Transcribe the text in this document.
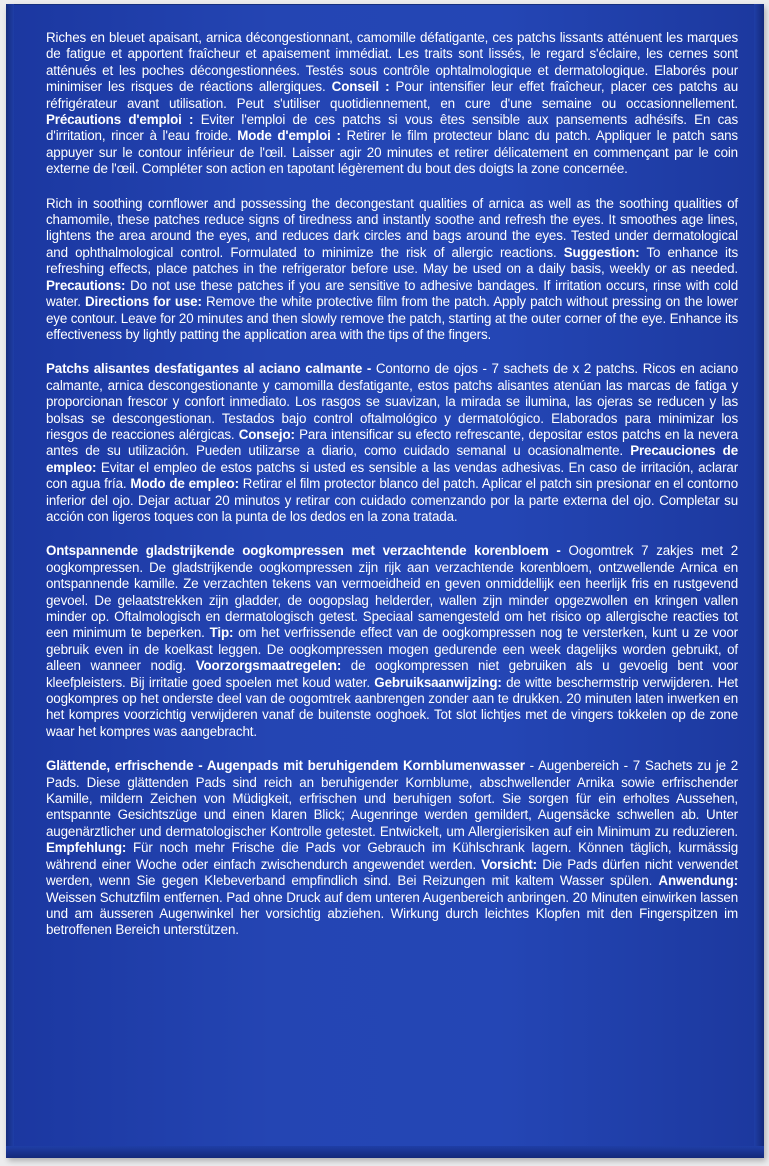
Riches en bleuet apaisant, arnica décongestionnant, camomille défatigante, ces patchs lissants atténuent les marques de fatigue et apportent fraîcheur et apaisement immédiat. Les traits sont lissés, le regard s'éclaire, les cernes sont atténués et les poches décongestionnées. Testés sous contrôle ophtalmologique et dermatologique. Elaborés pour minimiser les risques de réactions allergiques. Conseil : Pour intensifier leur effet fraîcheur, placer ces patchs au réfrigérateur avant utilisation. Peut s'utiliser quotidiennement, en cure d'une semaine ou occasionnellement. Précautions d'emploi : Eviter l'emploi de ces patchs si vous êtes sensible aux pansements adhésifs. En cas d'irritation, rincer à l'eau froide. Mode d'emploi : Retirer le film protecteur blanc du patch. Appliquer le patch sans appuyer sur le contour inférieur de l'œil. Laisser agir 20 minutes et retirer délicatement en commençant par le coin externe de l'œil. Compléter son action en tapotant légèrement du bout des doigts la zone concernée.

Rich in soothing cornflower and possessing the decongestant qualities of arnica as well as the soothing qualities of chamomile, these patches reduce signs of tiredness and instantly soothe and refresh the eyes. It smoothes age lines, lightens the area around the eyes, and reduces dark circles and bags around the eyes. Tested under dermatological and ophthalmological control. Formulated to minimize the risk of allergic reactions. Suggestion: To enhance its refreshing effects, place patches in the refrigerator before use. May be used on a daily basis, weekly or as needed. Precautions: Do not use these patches if you are sensitive to adhesive bandages. If irritation occurs, rinse with cold water. Directions for use: Remove the white protective film from the patch. Apply patch without pressing on the lower eye contour. Leave for 20 minutes and then slowly remove the patch, starting at the outer corner of the eye. Enhance its effectiveness by lightly patting the application area with the tips of the fingers.

Patchs alisantes desfatigantes al aciano calmante - Contorno de ojos - 7 sachets de x 2 patchs. Ricos en aciano calmante, arnica descongestionante y camomilla desfatigante, estos patchs alisantes atenúan las marcas de fatiga y proporcionan frescor y confort inmediato. Los rasgos se suavizan, la mirada se ilumina, las ojeras se reducen y las bolsas se descongestionan. Testados bajo control oftalmológico y dermatológico. Elaborados para minimizar los riesgos de reacciones alérgicas. Consejo: Para intensificar su efecto refrescante, depositar estos patchs en la nevera antes de su utilización. Pueden utilizarse a diario, como cuidado semanal u ocasionalmente. Precauciones de empleo: Evitar el empleo de estos patchs si usted es sensible a las vendas adhesivas. En caso de irritación, aclarar con agua fría. Modo de empleo: Retirar el film protector blanco del patch. Aplicar el patch sin presionar en el contorno inferior del ojo. Dejar actuar 20 minutos y retirar con cuidado comenzando por la parte externa del ojo. Completar su acción con ligeros toques con la punta de los dedos en la zona tratada.

Ontspannende gladstrijkende oogkompressen met verzachtende korenbloem - Oogomtrek 7 zakjes met 2 oogkompressen. De gladstrijkende oogkompressen zijn rijk aan verzachtende korenbloem, ontzwellende Arnica en ontspannende kamille. Ze verzachten tekens van vermoeidheid en geven onmiddellijk een heerlijk fris en rustgevend gevoel. De gelaatstrekken zijn gladder, de oogopslag helderder, wallen zijn minder opgezwollen en kringen vallen minder op. Oftalmologisch en dermatologisch getest. Speciaal samengesteld om het risico op allergische reacties tot een minimum te beperken. Tip: om het verfrissende effect van de oogkompressen nog te versterken, kunt u ze voor gebruik even in de koelkast leggen. De oogkompressen mogen gedurende een week dagelijks worden gebruikt, of alleen wanneer nodig. Voorzorgsmaatregelen: de oogkompressen niet gebruiken als u gevoelig bent voor kleefpleisters. Bij irritatie goed spoelen met koud water. Gebruiksaanwijzing: de witte beschermstrip verwijderen. Het oogkompres op het onderste deel van de oogomtrek aanbrengen zonder aan te drukken. 20 minuten laten inwerken en het kompres voorzichtig verwijderen vanaf de buitenste ooghoek. Tot slot lichtjes met de vingers tokkelen op de zone waar het kompres was aangebracht.

Glättende, erfrischende - Augenpads mit beruhigendem Kornblumenwasser - Augenbereich - 7 Sachets zu je 2 Pads. Diese glättenden Pads sind reich an beruhigender Kornblume, abschwellender Arnika sowie erfrischender Kamille, mildern Zeichen von Müdigkeit, erfrischen und beruhigen sofort. Sie sorgen für ein erholtes Aussehen, entspannte Gesichtszüge und einen klaren Blick; Augenringe werden gemildert, Augensäcke schwellen ab. Unter augenärztlicher und dermatologischer Kontrolle getestet. Entwickelt, um Allergierisiken auf ein Minimum zu reduzieren. Empfehlung: Für noch mehr Frische die Pads vor Gebrauch im Kühlschrank lagern. Können täglich, kurmässig während einer Woche oder einfach zwischendurch angewendet werden. Vorsicht: Die Pads dürfen nicht verwendet werden, wenn Sie gegen Klebeverband empfindlich sind. Bei Reizungen mit kaltem Wasser spülen. Anwendung: Weissen Schutzfilm entfernen. Pad ohne Druck auf dem unteren Augenbereich anbringen. 20 Minuten einwirken lassen und am äusseren Augenwinkel her vorsichtig abziehen. Wirkung durch leichtes Klopfen mit den Fingerspitzen im betroffenen Bereich unterstützen.
